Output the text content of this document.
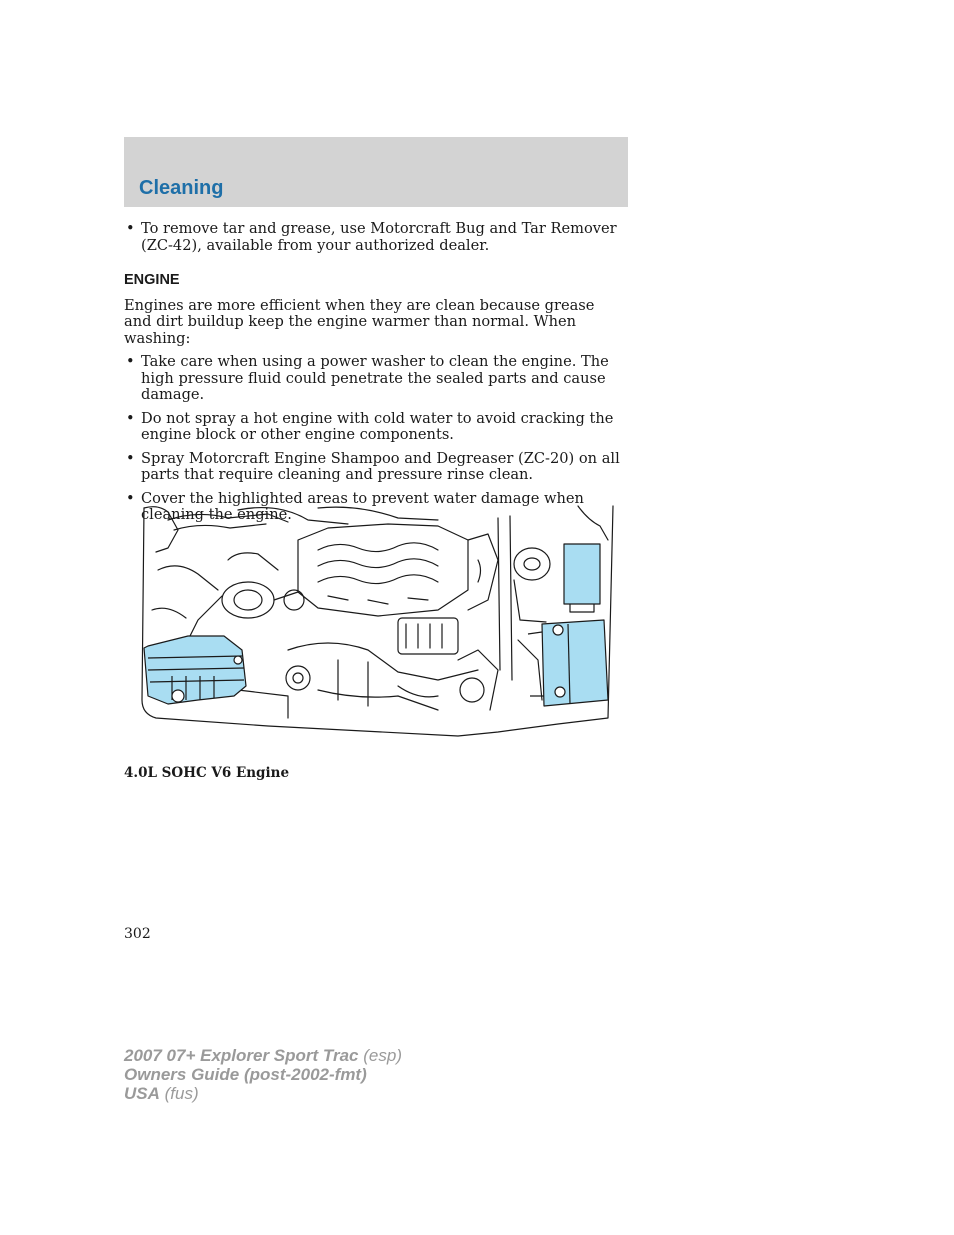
Cleaning
• To remove tar and grease, use Motorcraft Bug and Tar Remover (ZC-42), available from your authorized dealer.
ENGINE

Engines are more efficient when they are clean because grease and dirt buildup keep the engine warmer than normal. When washing:

• Take care when using a power washer to clean the engine. The high pressure fluid could penetrate the sealed parts and cause damage.
• Do not spray a hot engine with cold water to avoid cracking the engine block or other engine components.
• Spray Motorcraft Engine Shampoo and Degreaser (ZC-20) on all parts that require cleaning and pressure rinse clean.
• Cover the highlighted areas to prevent water damage when cleaning the engine.
4.0L SOHC V6 Engine
302
2007 07+ Explorer Sport Trac (esp)
Owners Guide (post-2002-fmt)
USA (fus)
